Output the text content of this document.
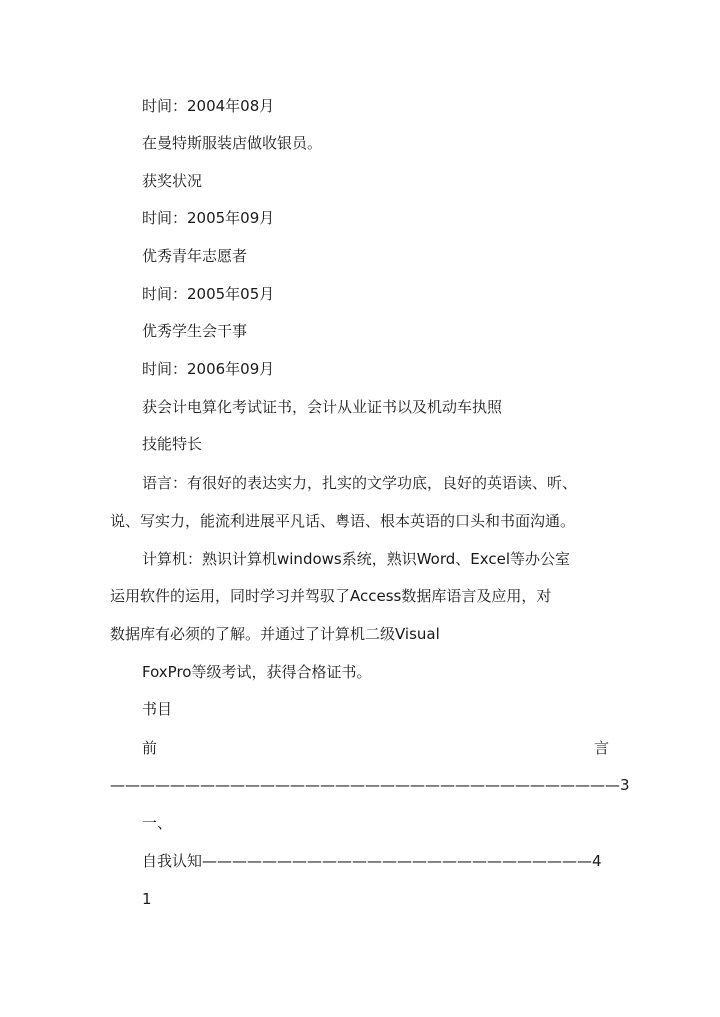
时间：2004年08月
在曼特斯服装店做收银员。
获奖状况
时间：2005年09月
优秀青年志愿者
时间：2005年05月
优秀学生会干事
时间：2006年09月
获会计电算化考试证书，会计从业证书以及机动车执照
技能特长
语言：有很好的表达实力，扎实的文学功底，良好的英语读、听、
说、写实力，能流利进展平凡话、粤语、根本英语的口头和书面沟通。
计算机：熟识计算机windows系统，熟识Word、Excel等办公室
运用软件的运用，同时学习并驾驭了Access数据库语言及应用，对
数据库有必须的了解。并通过了计算机二级Visual
FoxPro等级考试，获得合格证书。
书目
前	言
——————————————————————————————————3
一、
自我认知——————————————————————————4
1
